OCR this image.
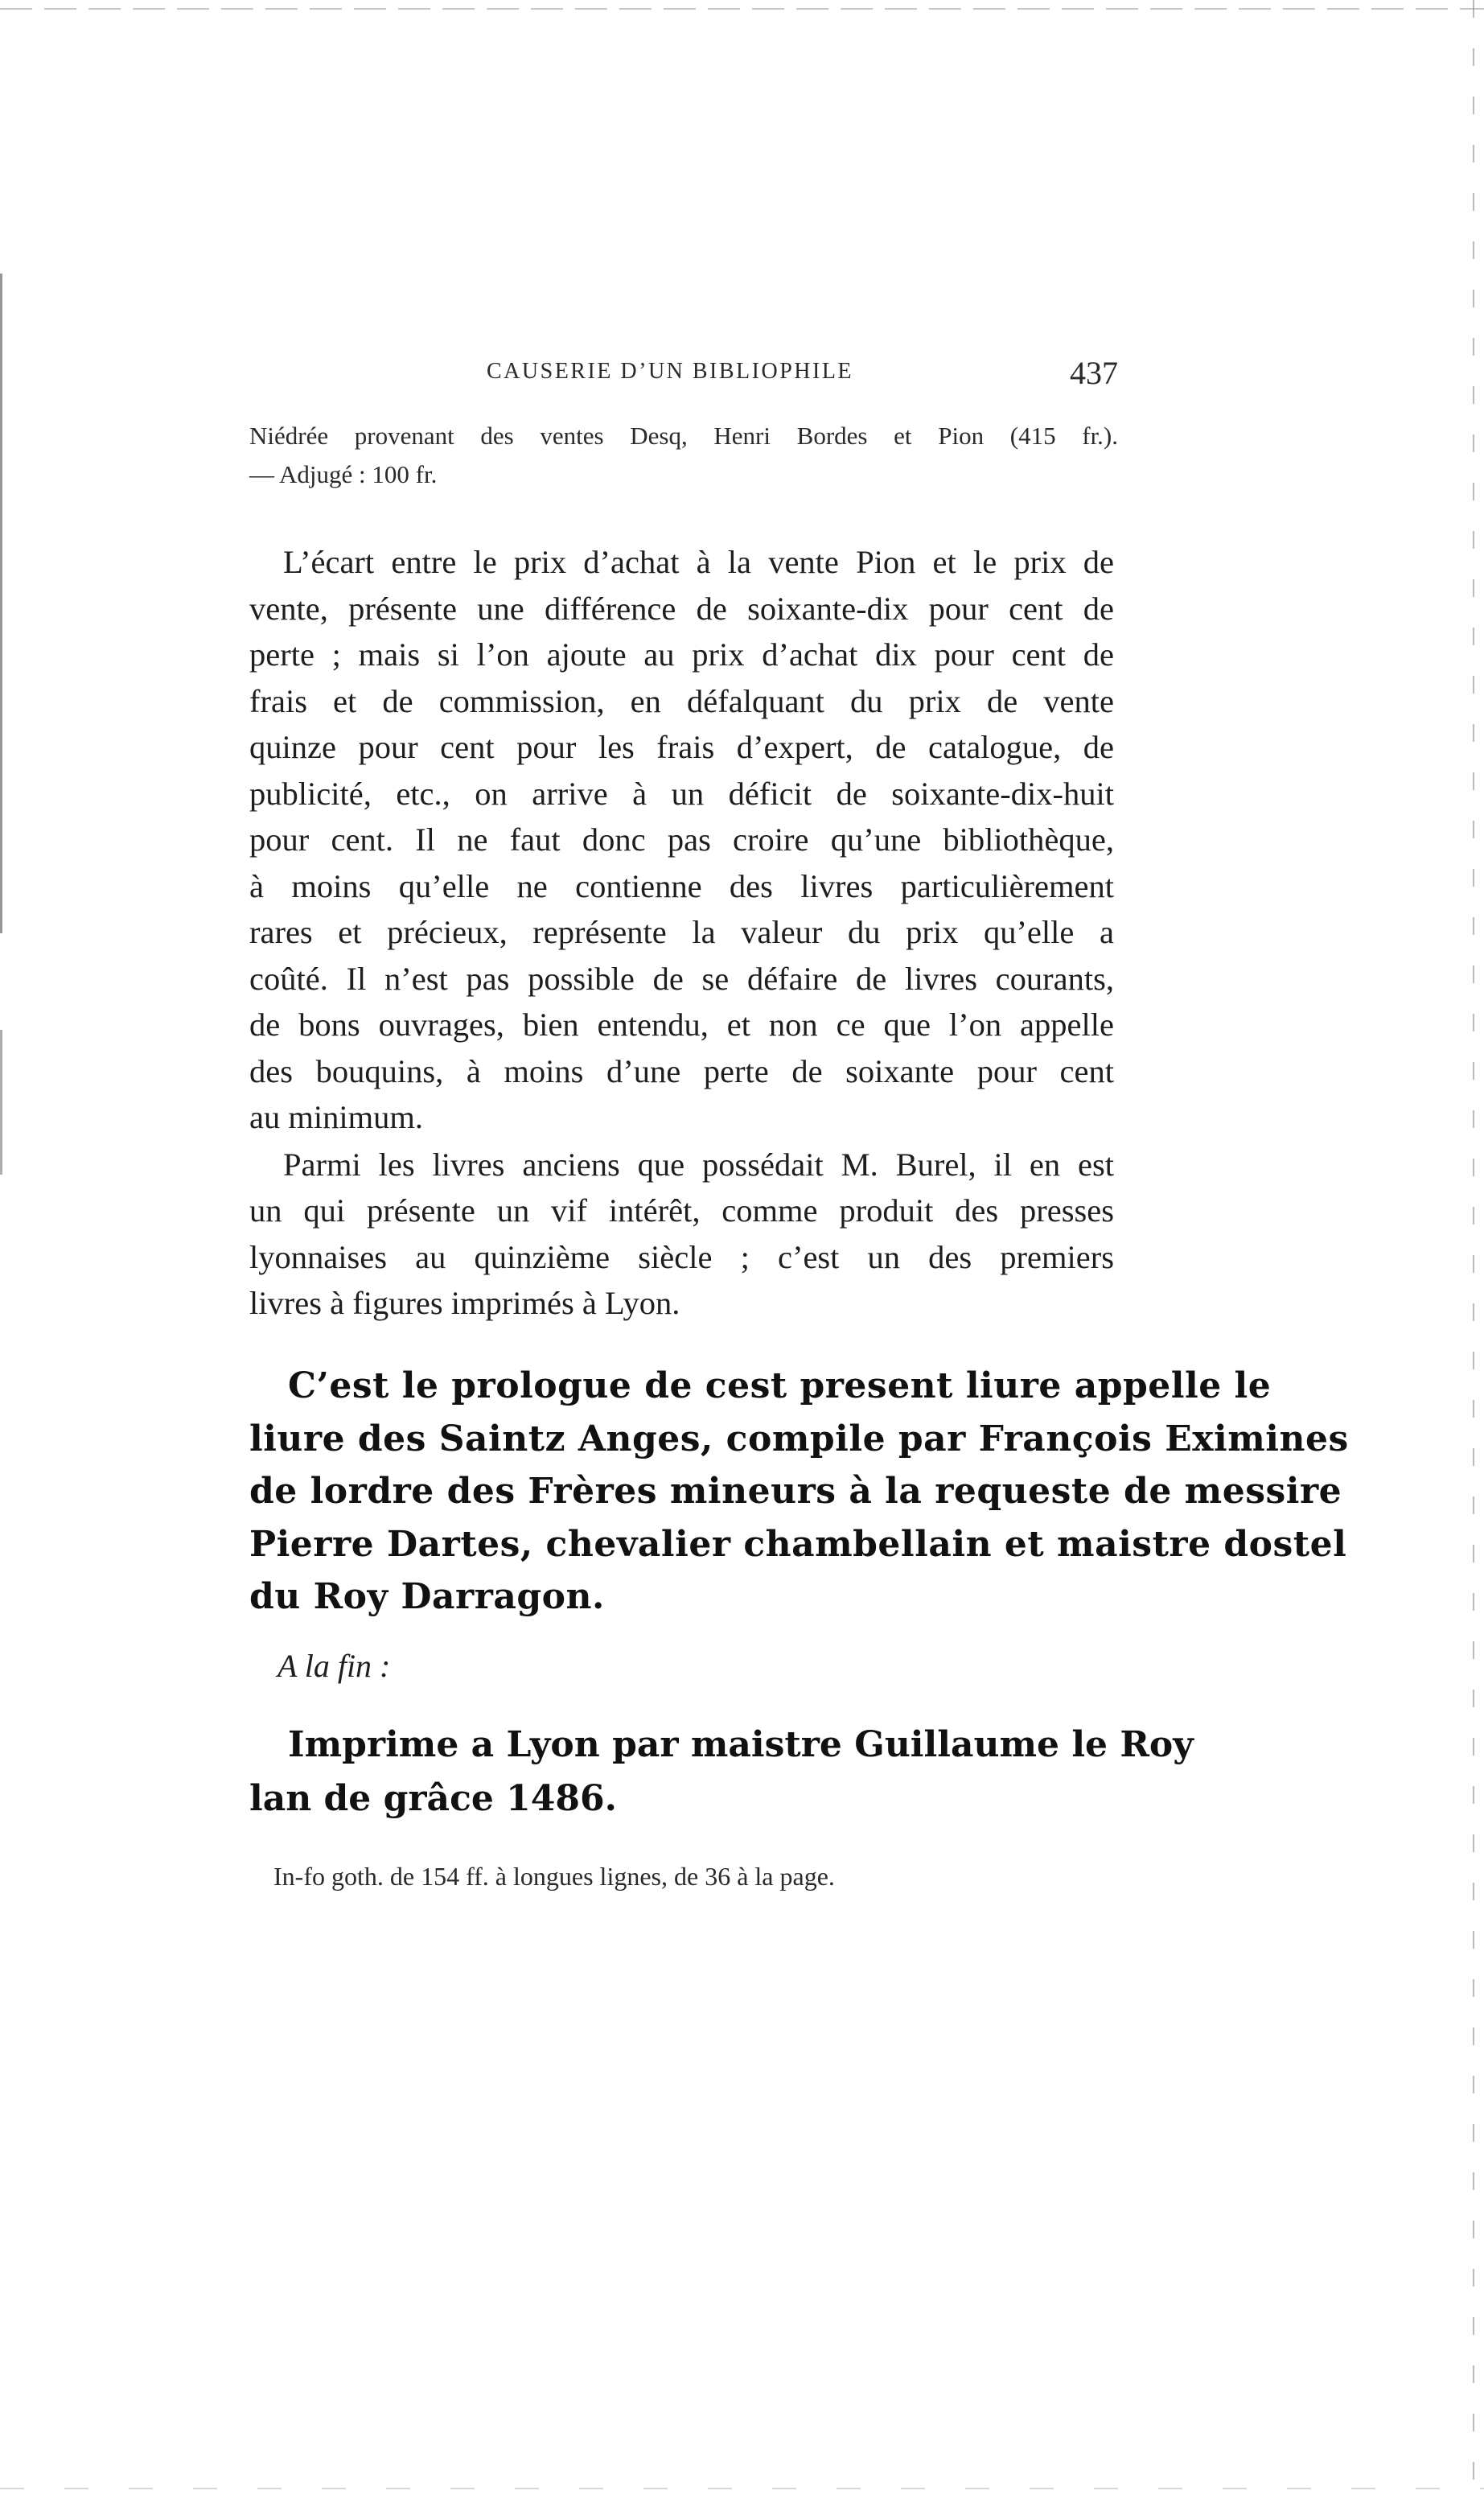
CAUSERIE D’UN BIBLIOPHILE	437
Niédrée provenant des ventes Desq, Henri Bordes et Pion (415 fr.).
— Adjugé : 100 fr.
L’écart entre le prix d’achat à la vente Pion et le prix de
vente, présente une différence de soixante-dix pour cent de
perte ; mais si l’on ajoute au prix d’achat dix pour cent de
frais et de commission, en défalquant du prix de vente
quinze pour cent pour les frais d’expert, de catalogue, de
publicité, etc., on arrive à un déficit de soixante-dix-huit
pour cent. Il ne faut donc pas croire qu’une bibliothèque,
à moins qu’elle ne contienne des livres particulièrement
rares et précieux, représente la valeur du prix qu’elle a
coûté. Il n’est pas possible de se défaire de livres courants,
de bons ouvrages, bien entendu, et non ce que l’on appelle
des bouquins, à moins d’une perte de soixante pour cent
au minimum.
Parmi les livres anciens que possédait M. Burel, il en est
un qui présente un vif intérêt, comme produit des presses
lyonnaises au quinzième siècle ; c’est un des premiers
livres à figures imprimés à Lyon.
C’est le prologue de cest present liure appelle le
liure des Saintz Anges, compile par François Eximines
de lordre des Frères mineurs à la requeste de messire
Pierre Dartes, chevalier chambellain et maistre dostel
du Roy Darragon.
A la fin :
Imprime a Lyon par maistre Guillaume le Roy
lan de grâce 1486.
In-fo goth. de 154 ff. à longues lignes, de 36 à la page.
